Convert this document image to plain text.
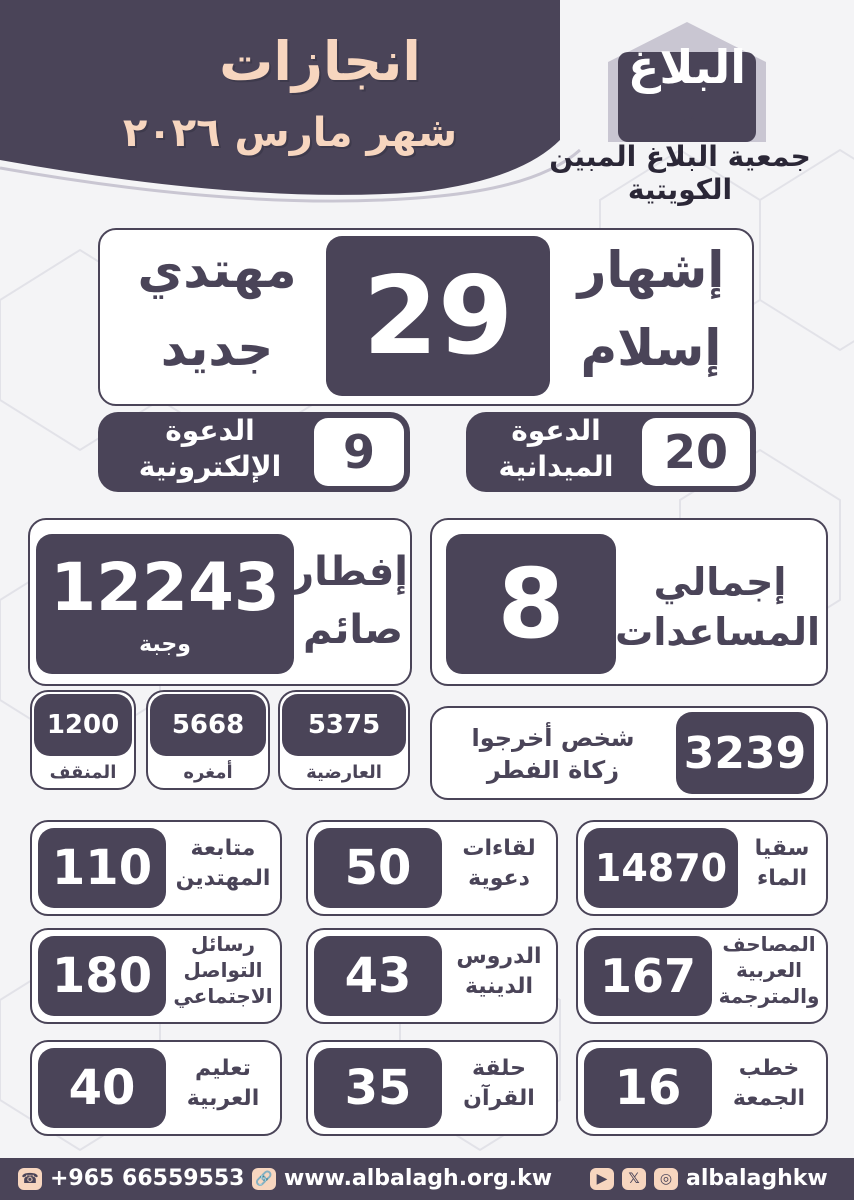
انجازات
شهر مارس ٢٠٢٦
البلاغ
BM
جمعية البلاغ المبين الكويتية
مهتدي
جديد 29	إشهار
إسلام
الدعوة
الإلكترونية	9	20
الدعوة
الميدانية
12243
وجبة
إفطار
صائم 8	إجمالي
المساعدات
1200
المنقف
5668
أمغره
5375
العارضية
شخص أخرجوا
زكاة الفطر	3239
110	متابعة
المهتدين	50	لقاءات
دعوية	14870	سقيا
الماء
180
رسائل
التواصل
الاجتماعي	43	الدروس
الدينية	167
المصاحف
العربية
والمترجمة
40	تعليم
العربية	35	حلقة
القرآن	16	خطب
الجمعة
☎ +965 66559553 🔗 www.albalagh.org.kw	▶	𝕏	◎ albalaghkw
